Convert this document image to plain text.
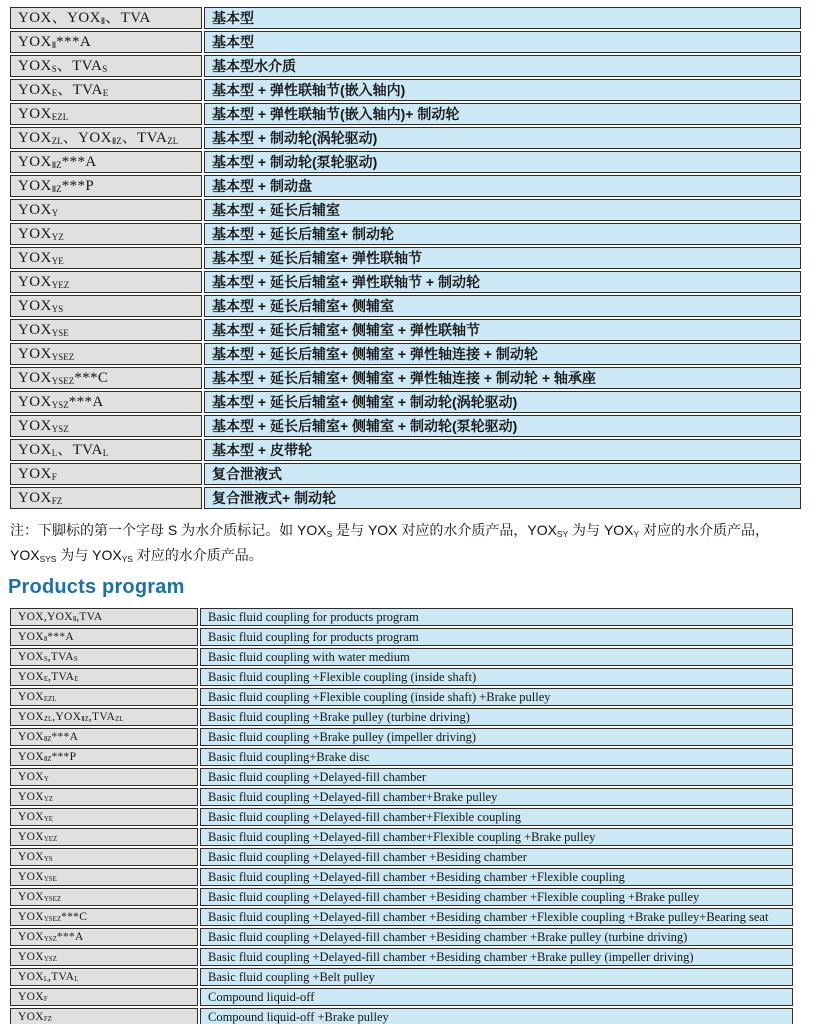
YOX、$YOX_Ⅱ$、TVA	基本型
$YOX_Ⅱ***A$	基本型
$YOX_S$、$TVA_S$	基本型水介质
$YOX_E$、$TVA_E$	基本型 + 弹性联轴节(嵌入轴内)
$YOX_{EZL}$	基本型 + 弹性联轴节(嵌入轴内)+ 制动轮
$YOX_{ZL}$、$YOX_{ⅡZ}$、$TVA_{ZL}$	基本型 + 制动轮(涡轮驱动)
$YOX_{ⅡZ}***A$	基本型 + 制动轮(泵轮驱动)
$YOX_{ⅡZ}***P$	基本型 + 制动盘
$YOX_Y$	基本型 + 延长后辅室
$YOX_{YZ}$	基本型 + 延长后辅室+ 制动轮
$YOX_{YE}$	基本型 + 延长后辅室+ 弹性联轴节
$YOX_{YEZ}$	基本型 + 延长后辅室+ 弹性联轴节 + 制动轮
$YOX_{YS}$	基本型 + 延长后辅室+ 侧辅室
$YOX_{YSE}$	基本型 + 延长后辅室+ 侧辅室 + 弹性联轴节
$YOX_{YSEZ}$	基本型 + 延长后辅室+ 侧辅室 + 弹性轴连接 + 制动轮
$YOX_{YSEZ}***C$	基本型 + 延长后辅室+ 侧辅室 + 弹性轴连接 + 制动轮 + 轴承座
$YOX_{YSZ}***A$	基本型 + 延长后辅室+ 侧辅室 + 制动轮(涡轮驱动)
$YOX_{YSZ}$	基本型 + 延长后辅室+ 侧辅室 + 制动轮(泵轮驱动)
$YOX_L$、$TVA_L$	基本型 + 皮带轮
$YOX_F$	复合泄液式
$YOX_{FZ}$	复合泄液式+ 制动轮

注：下脚标的第一个字母 S 为水介质标记。如 $YOX_S$ 是与 YOX 对应的水介质产品，$YOX_{SY}$ 为与 $YOX_Y$ 对应的水介质产品，$YOX_{SYS}$ 为与 $YOX_{YS}$ 对应的水介质产品。

Products program
$YOX,YOX_Ⅱ,TVA$	Basic fluid coupling for products program
$YOX_Ⅱ***A$	Basic fluid coupling for products program
$YOX_S,TVA_S$	Basic fluid coupling with water medium
$YOX_E,TVA_E$	Basic fluid coupling +Flexible coupling (inside shaft)
$YOX_{EZL}$	Basic fluid coupling +Flexible coupling (inside shaft) +Brake pulley
$YOX_{ZL},YOX_{ⅡZ},TVA_{ZL}$	Basic fluid coupling +Brake pulley (turbine driving)
$YOX_{ⅡZ}***A$	Basic fluid coupling +Brake pulley (impeller driving)
$YOX_{ⅡZ}***P$	Basic fluid coupling+Brake disc
$YOX_Y$	Basic fluid coupling +Delayed-fill chamber
$YOX_{YZ}$	Basic fluid coupling +Delayed-fill chamber+Brake pulley
$YOX_{YE}$	Basic fluid coupling +Delayed-fill chamber+Flexible coupling
$YOX_{YEZ}$	Basic fluid coupling +Delayed-fill chamber+Flexible coupling +Brake pulley
$YOX_{YS}$	Basic fluid coupling +Delayed-fill chamber +Besiding chamber
$YOX_{YSE}$	Basic fluid coupling +Delayed-fill chamber +Besiding chamber +Flexible coupling
$YOX_{YSEZ}$	Basic fluid coupling +Delayed-fill chamber +Besiding chamber +Flexible coupling +Brake pulley
$YOX_{YSEZ}***C$	Basic fluid coupling +Delayed-fill chamber +Besiding chamber +Flexible coupling +Brake pulley+Bearing seat
$YOX_{YSZ}***A$	Basic fluid coupling +Delayed-fill chamber +Besiding chamber +Brake pulley (turbine driving)
$YOX_{YSZ}$	Basic fluid coupling +Delayed-fill chamber +Besiding chamber +Brake pulley (impeller driving)
$YOX_L,TVA_L$	Basic fluid coupling +Belt pulley
$YOX_F$	Compound liquid-off
$YOX_{FZ}$	Compound liquid-off +Brake pulley
